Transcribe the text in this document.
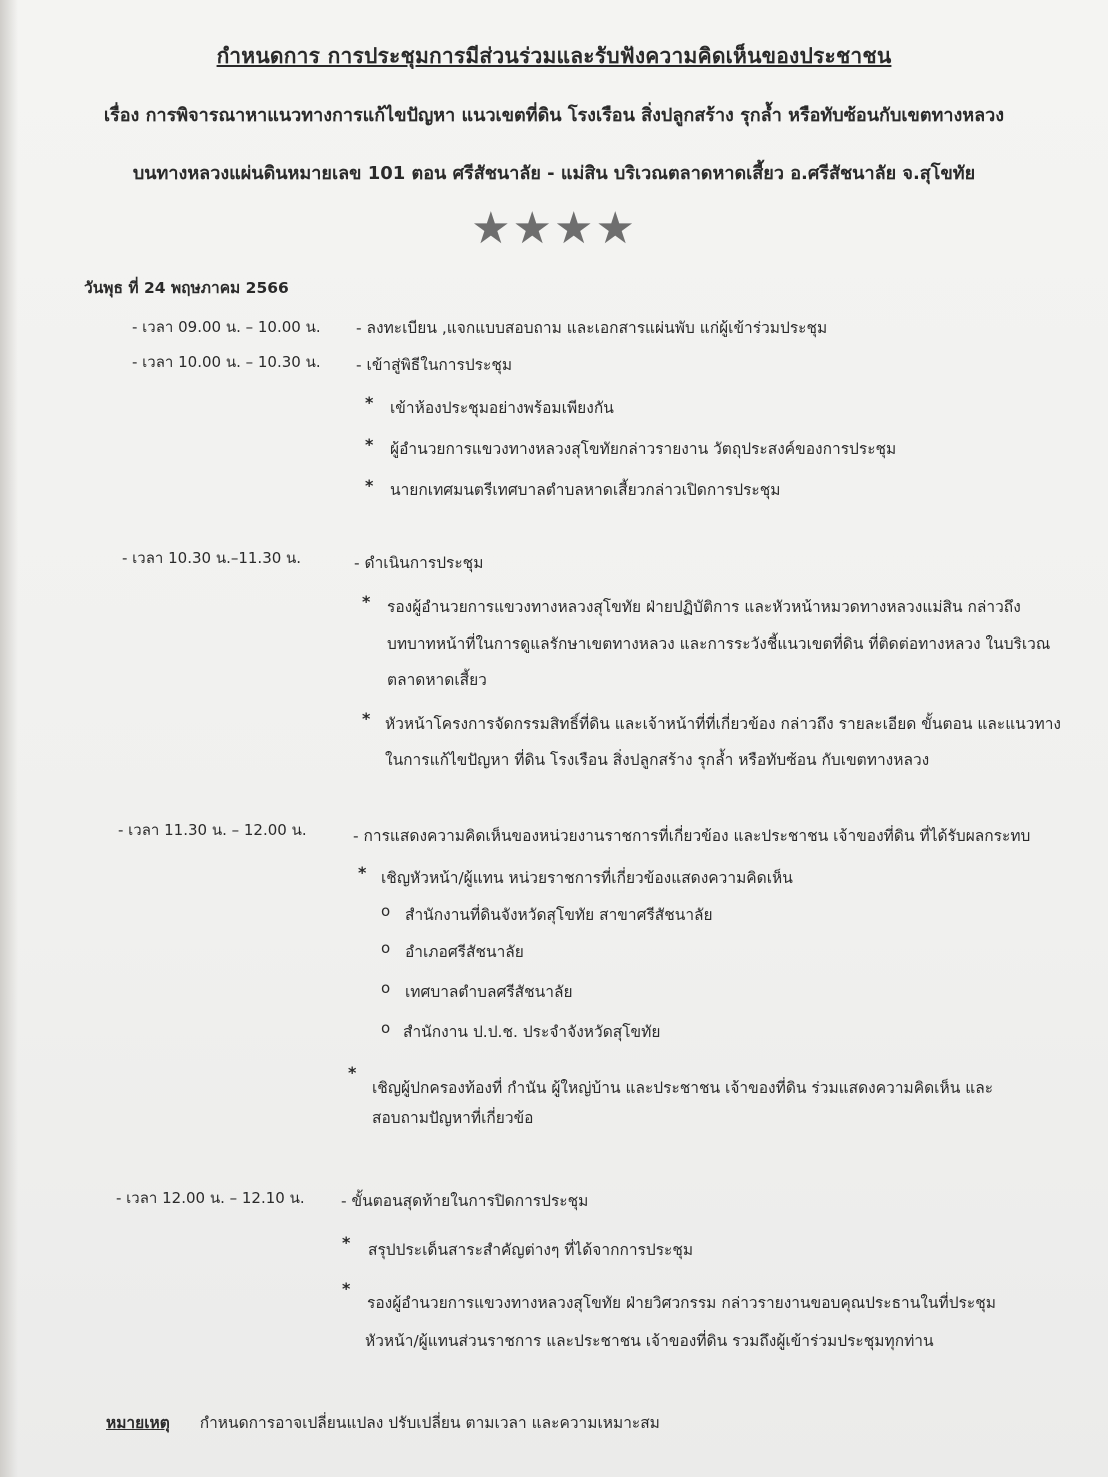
กำหนดการ การประชุมการมีส่วนร่วมและรับฟังความคิดเห็นของประชาชน
เรื่อง การพิจารณาหาแนวทางการแก้ไขปัญหา แนวเขตที่ดิน โรงเรือน สิ่งปลูกสร้าง รุกล้ำ หรือทับซ้อนกับเขตทางหลวง
บนทางหลวงแผ่นดินหมายเลข 101 ตอน ศรีสัชนาลัย - แม่สิน บริเวณตลาดหาดเสี้ยว อ.ศรีสัชนาลัย จ.สุโขทัย
★★★★
วันพุธ ที่ 24 พฤษภาคม 2566
- เวลา 09.00 น. – 10.00 น. - ลงทะเบียน ,แจกแบบสอบถาม และเอกสารแผ่นพับ แก่ผู้เข้าร่วมประชุม
- เวลา 10.00 น. – 10.30 น. - เข้าสู่พิธีในการประชุม
* เข้าห้องประชุมอย่างพร้อมเพียงกัน
* ผู้อำนวยการแขวงทางหลวงสุโขทัยกล่าวรายงาน วัตถุประสงค์ของการประชุม
* นายกเทศมนตรีเทศบาลตำบลหาดเสี้ยวกล่าวเปิดการประชุม
- เวลา 10.30 น.–11.30 น.	- ดำเนินการประชุม
* รองผู้อำนวยการแขวงทางหลวงสุโขทัย ฝ่ายปฏิบัติการ และหัวหน้าหมวดทางหลวงแม่สิน กล่าวถึง
บทบาทหน้าที่ในการดูแลรักษาเขตทางหลวง และการระวังชี้แนวเขตที่ดิน ที่ติดต่อทางหลวง ในบริเวณ
ตลาดหาดเสี้ยว
* หัวหน้าโครงการจัดกรรมสิทธิ์ที่ดิน และเจ้าหน้าที่ที่เกี่ยวข้อง กล่าวถึง รายละเอียด ขั้นตอน และแนวทาง
ในการแก้ไขปัญหา ที่ดิน โรงเรือน สิ่งปลูกสร้าง รุกล้ำ หรือทับซ้อน กับเขตทางหลวง
- เวลา 11.30 น. – 12.00 น.	- การแสดงความคิดเห็นของหน่วยงานราชการที่เกี่ยวข้อง และประชาชน เจ้าของที่ดิน ที่ได้รับผลกระทบ
* เชิญหัวหน้า/ผู้แทน หน่วยราชการที่เกี่ยวข้องแสดงความคิดเห็น
o สำนักงานที่ดินจังหวัดสุโขทัย สาขาศรีสัชนาลัย
o อำเภอศรีสัชนาลัย
o เทศบาลตำบลศรีสัชนาลัย
o สำนักงาน ป.ป.ช. ประจำจังหวัดสุโขทัย
*
เชิญผู้ปกครองท้องที่ กำนัน ผู้ใหญ่บ้าน และประชาชน เจ้าของที่ดิน ร่วมแสดงความคิดเห็น และ
สอบถามปัญหาที่เกี่ยวข้อ
- เวลา 12.00 น. – 12.10 น. - ขั้นตอนสุดท้ายในการปิดการประชุม
* สรุปประเด็นสาระสำคัญต่างๆ ที่ได้จากการประชุม
*
รองผู้อำนวยการแขวงทางหลวงสุโขทัย ฝ่ายวิศวกรรม กล่าวรายงานขอบคุณประธานในที่ประชุม
หัวหน้า/ผู้แทนส่วนราชการ และประชาชน เจ้าของที่ดิน รวมถึงผู้เข้าร่วมประชุมทุกท่าน
หมายเหตุ กำหนดการอาจเปลี่ยนแปลง ปรับเปลี่ยน ตามเวลา และความเหมาะสม
